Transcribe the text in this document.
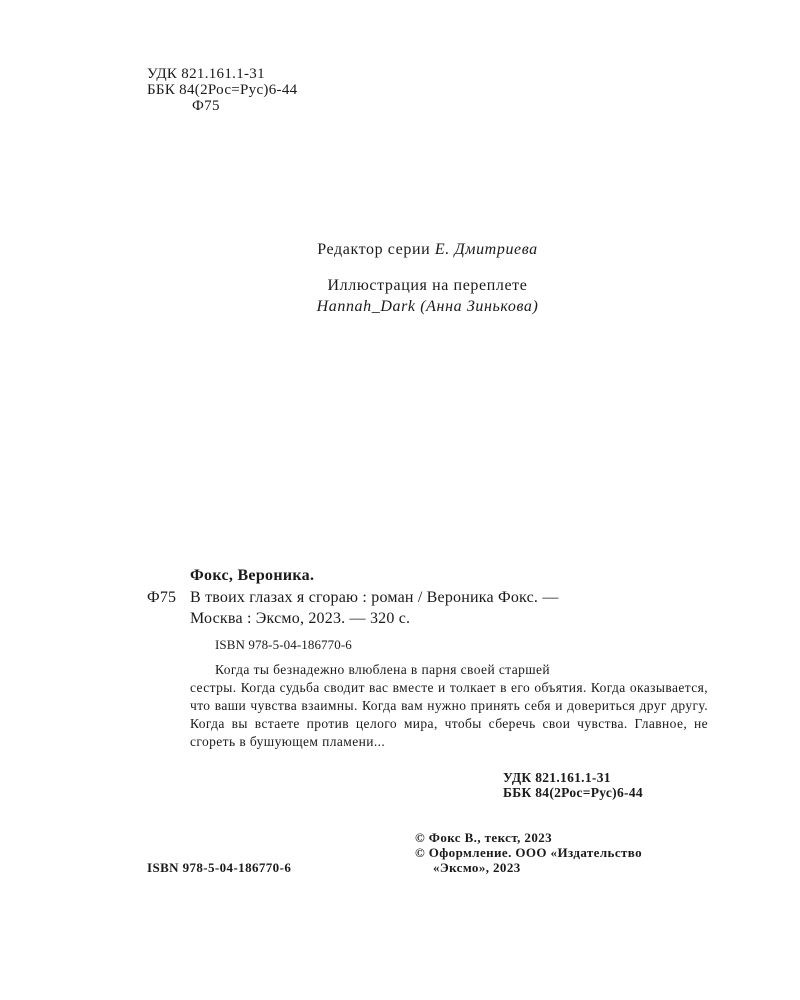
УДК 821.161.1-31
ББК 84(2Рос=Рус)6-44
Ф75
Редактор серии Е. Дмитриева
Иллюстрация на переплете
Hannah_Dark (Анна Зинькова)
Фокс, Вероника.
Ф75 В твоих глазах я сгораю : роман / Вероника Фокс. —
Москва : Эксмо, 2023. — 320 с.
ISBN 978-5-04-186770-6
Когда ты безнадежно влюблена в парня своей старшей
сестры. Когда судьба сводит вас вместе и толкает в его объятия. Когда оказывается, что ваши чувства взаимны. Когда вам нужно принять себя и довериться друг другу. Когда вы встаете против целого мира, чтобы сберечь свои чувства. Главное, не сгореть в бушующем пламени...
УДК 821.161.1-31
ББК 84(2Рос=Рус)6-44
© Фокс В., текст, 2023
© Оформление. ООО «Издательство
«Эксмо», 2023
ISBN 978-5-04-186770-6
